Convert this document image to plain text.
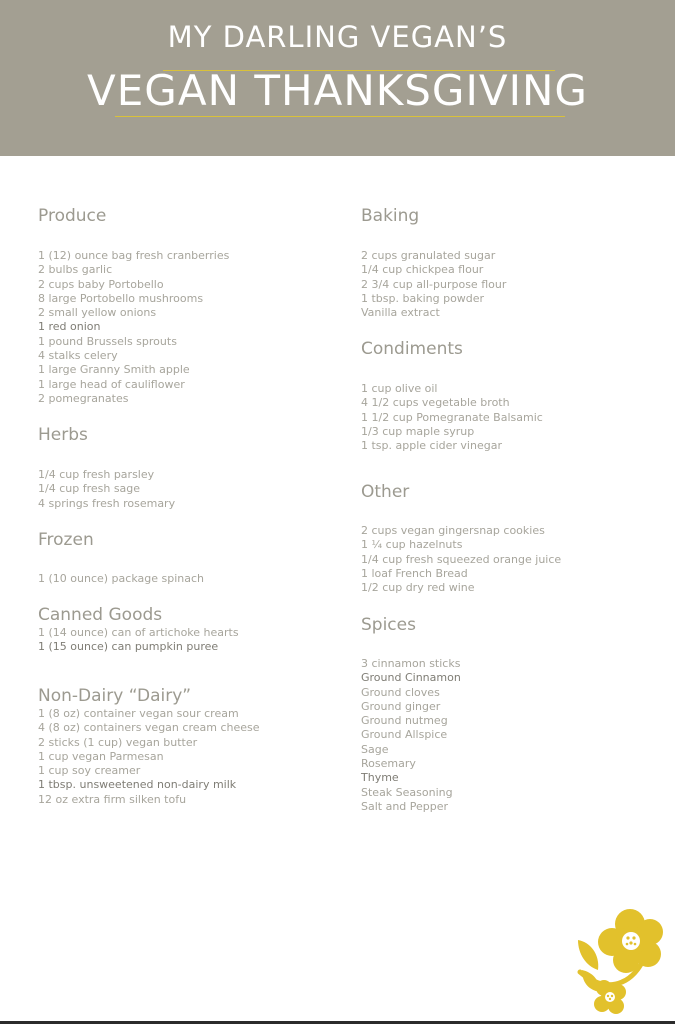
MY DARLING VEGAN’S
VEGAN THANKSGIVING
Produce
1 (12) ounce bag fresh cranberries
2 bulbs garlic
2 cups baby Portobello
8 large Portobello mushrooms
2 small yellow onions
1 red onion
1 pound Brussels sprouts
4 stalks celery
1 large Granny Smith apple
1 large head of cauliflower
2 pomegranates
Herbs
1/4 cup fresh parsley
1/4 cup fresh sage
4 springs fresh rosemary
Frozen
1 (10 ounce) package spinach
Canned Goods
1 (14 ounce) can of artichoke hearts
1 (15 ounce) can pumpkin puree
Non-Dairy “Dairy”
1 (8 oz) container vegan sour cream
4 (8 oz) containers vegan cream cheese
2 sticks (1 cup) vegan butter
1 cup vegan Parmesan
1 cup soy creamer
1 tbsp. unsweetened non-dairy milk
12 oz extra firm silken tofu
Baking
2 cups granulated sugar
1/4 cup chickpea flour
2 3/4 cup all-purpose flour
1 tbsp. baking powder
Vanilla extract
Condiments
1 cup olive oil
4 1/2 cups vegetable broth
1 1/2 cup Pomegranate Balsamic
1/3 cup maple syrup
1 tsp. apple cider vinegar
Other
2 cups vegan gingersnap cookies
1 ¼ cup hazelnuts
1/4 cup fresh squeezed orange juice
1 loaf French Bread
1/2 cup dry red wine
Spices
3 cinnamon sticks
Ground Cinnamon
Ground cloves
Ground ginger
Ground nutmeg
Ground Allspice
Sage
Rosemary
Thyme
Steak Seasoning
Salt and Pepper
